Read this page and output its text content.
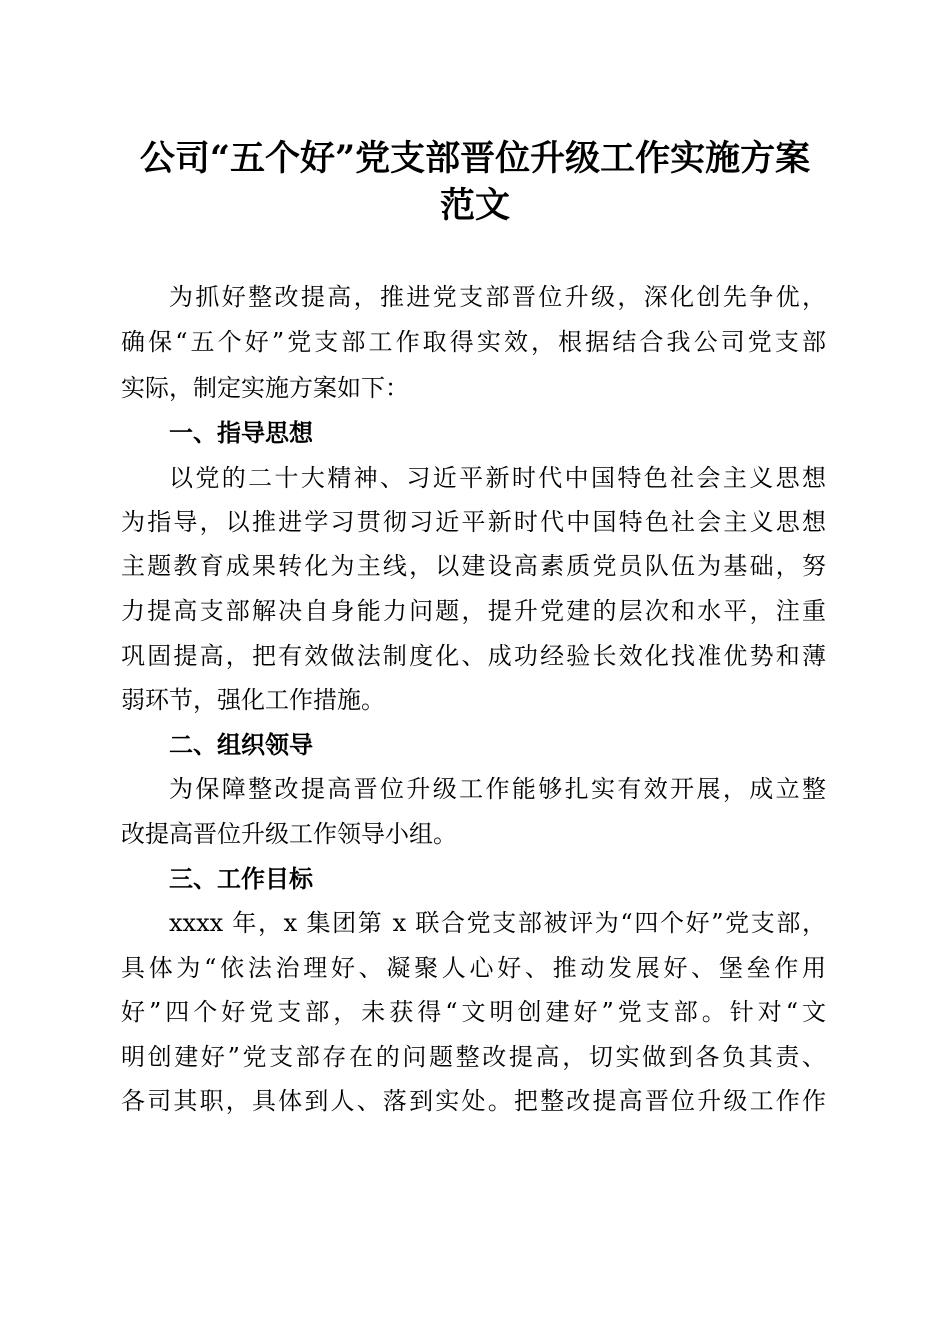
公司“五个好”党支部晋位升级工作实施方案
范文

为抓好整改提高，推进党支部晋位升级，深化创先争优，

确保“五个好”党支部工作取得实效，根据结合我公司党支部

实际，制定实施方案如下：

一、指导思想

以党的二十大精神、习近平新时代中国特色社会主义思想

为指导，以推进学习贯彻习近平新时代中国特色社会主义思想

主题教育成果转化为主线，以建设高素质党员队伍为基础，努

力提高支部解决自身能力问题，提升党建的层次和水平，注重

巩固提高，把有效做法制度化、成功经验长效化找准优势和薄

弱环节，强化工作措施。

二、组织领导

为保障整改提高晋位升级工作能够扎实有效开展，成立整

改提高晋位升级工作领导小组。

三、工作目标

xxxx 年，x 集团第 x 联合党支部被评为“四个好”党支部，

具体为“依法治理好、凝聚人心好、推动发展好、堡垒作用

好”四个好党支部，未获得“文明创建好”党支部。针对“文

明创建好”党支部存在的问题整改提高，切实做到各负其责、

各司其职，具体到人、落到实处。把整改提高晋位升级工作作
